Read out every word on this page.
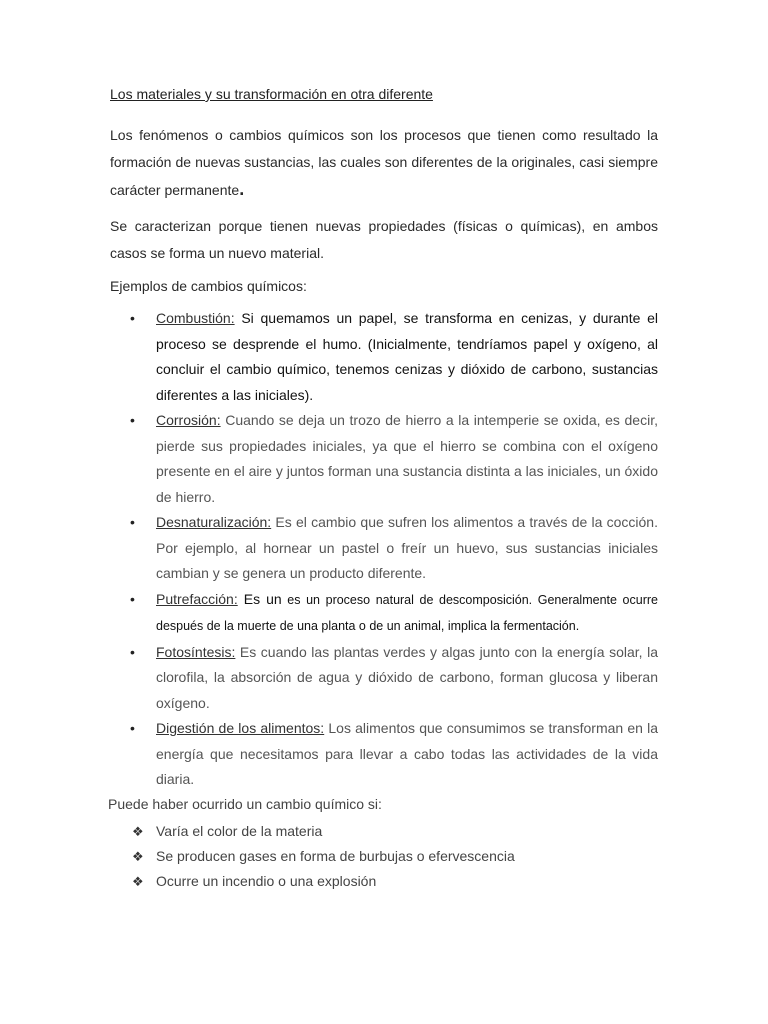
Los materiales y su transformación en otra diferente

Los fenómenos o cambios químicos son los procesos que tienen como resultado la formación de nuevas sustancias, las cuales son diferentes de la originales, casi siempre carácter permanente.

Se caracterizan porque tienen nuevas propiedades (físicas o químicas), en ambos casos se forma un nuevo material.

Ejemplos de cambios químicos:
•	Combustión: Si quemamos un papel, se transforma en cenizas, y durante el proceso se desprende el humo. (Inicialmente, tendríamos papel y oxígeno, al concluir el cambio químico, tenemos cenizas y dióxido de carbono, sustancias diferentes a las iniciales).
•	Corrosión: Cuando se deja un trozo de hierro a la intemperie se oxida, es decir, pierde sus propiedades iniciales, ya que el hierro se combina con el oxígeno presente en el aire y juntos forman una sustancia distinta a las iniciales, un óxido de hierro.
•	Desnaturalización: Es el cambio que sufren los alimentos a través de la cocción. Por ejemplo, al hornear un pastel o freír un huevo, sus sustancias iniciales cambian y se genera un producto diferente.
•	Putrefacción: Es un es un proceso natural de descomposición. Generalmente ocurre después de la muerte de una planta o de un animal, implica la fermentación.
•	Fotosíntesis: Es cuando las plantas verdes y algas junto con la energía solar, la clorofila, la absorción de agua y dióxido de carbono, forman glucosa y liberan oxígeno.
•	Digestión de los alimentos: Los alimentos que consumimos se transforman en la energía que necesitamos para llevar a cabo todas las actividades de la vida diaria.
Puede haber ocurrido un cambio químico si:
❖ Varía el color de la materia
❖ Se producen gases en forma de burbujas o efervescencia
❖ Ocurre un incendio o una explosión
